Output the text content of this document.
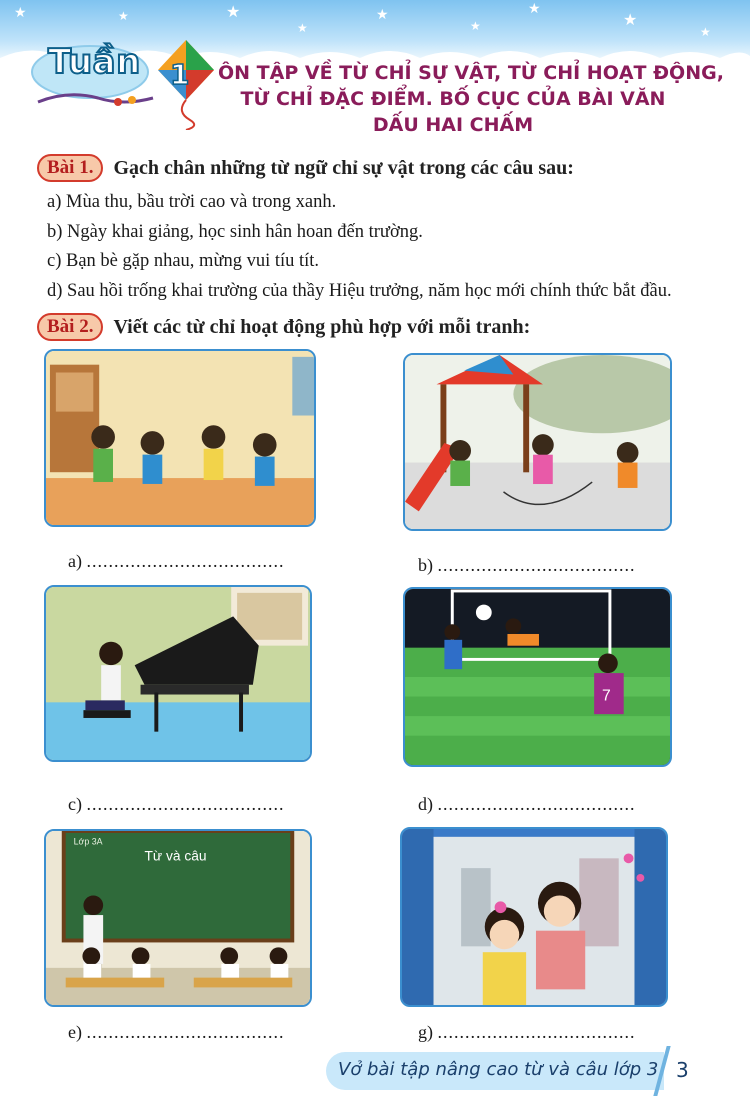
★	★	★
★
★
★
★
★
★
Tuần 1 ÔN TẬP VỀ TỪ CHỈ SỰ VẬT, TỪ CHỈ HOẠT ĐỘNG,
TỪ CHỈ ĐẶC ĐIỂM. BỐ CỤC CỦA BÀI VĂN
DẤU HAI CHẤM
Bài 1.	Gạch chân những từ ngữ chỉ sự vật trong các câu sau:
a) Mùa thu, bầu trời cao và trong xanh.
b) Ngày khai giảng, học sinh hân hoan đến trường.
c) Bạn bè gặp nhau, mừng vui tíu tít.
d) Sau hồi trống khai trường của thầy Hiệu trưởng, năm học mới chính thức bắt đầu.
Bài 2.	Viết các từ chỉ hoạt động phù hợp với mỗi tranh:
a) ....................................	b) ....................................
7
c) ....................................	d) ....................................
Lớp 3A
Từ và câu
e) ....................................	g) ....................................
Vở bài tập nâng cao từ và câu lớp 3 3
